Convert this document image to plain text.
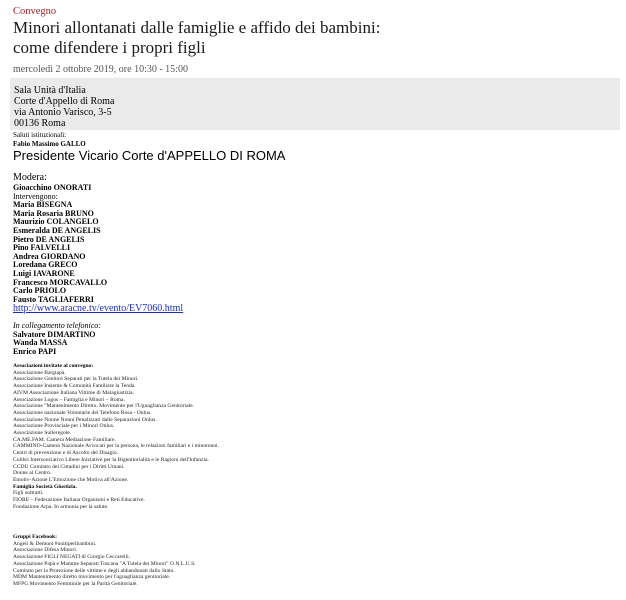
Convegno
Minori allontanati dalle famiglie e affido dei bambini:
come difendere i propri figli
mercoledì 2 ottobre 2019, ore 10:30 - 15:00
Sala Unità d'Italia
Corte d'Appello di Roma
via Antonio Varisco, 3-5
00136 Roma
Saluti istituzionali:
Fabio Massimo GALLO
Presidente Vicario Corte d'APPELLO DI ROMA
Modera:
Gioacchino ONORATI
Intervengono:
Maria BISEGNA
Maria Rosaria BRUNO
Maurizio COLANGELO
Esmeralda DE ANGELIS
Pietro DE ANGELIS
Pino FALVELLI
Andrea GIORDANO
Loredana GRECO
Luigi IAVARONE
Francesco MORCAVALLO
Carlo PRIOLO
Fausto TAGLIAFERRI
http://www.aracne.tv/evento/EV7060.html
In collegamento telefonico:
Salvatore DIMARTINO
Wanda MASSA
Enrico PAPI
Associazioni invitate al convegno:
Associazione Bargiapà.
Associazione Genitori Separati per la Tutela dei Minori.
Associazione Insieme & Comunità Familiare la Tenda.
AIVM Associazione Italiana Vittime di Malagiustizia.
Associazione Logos – Famiglia e Minori – Roma.
Associazione "Mantenimento Diretto. Movimento per l'Uguaglianza Genitoriale.
Associazione nazionale Volontarie del Telefono Rosa - Onlus.
Associazione Nonne Nonni Penalizzati dalle Separazioni Onlus.
Associazione Provinciale per i Minori Onlus.
Associazione Sulleregole.
CA.ME.FAM. Camera Mediazione Familiare.
CAMMINO-Camera Nazionale Avvocati per la persona, le relazioni familiari e i minorenni.
Centri di prevenzione e di Ascolto del Disagio.
Colibrì Intersoociativo Libere Iniziative per la Bigenitorialità e le Ragioni dell'Infanzia.
CCDU Comitato dei Cittadini per i Diritti Umani.
Donne al Centro.
Emotiv-Azione L'Emozione che Motiva all'Azione.
Famiglia Società Giustizia.
Figli sottratti.
FIORE – Federazione Italiana Organismi e Reti Educative.
Fondazione Arpa. In armonia per la salute.
Gruppi Facebook:
Angeli & Demoni #unitiperibambini.
Associazione Difesa Minori.
Associazione FIGLI NEGATI di Giorgio Ceccarelli.
Associazione Papà e Mamme Separati Toscana "A Tutela dei Minori" O.N.L.U.S.
Comitato per la Protezione delle vittime e degli abbandonati dallo Stato.
MDM Mantenimento diretto movimento per l'uguaglianza genitoriale.
MFPG Movimento Femminile per la Parità Genitoriale.
